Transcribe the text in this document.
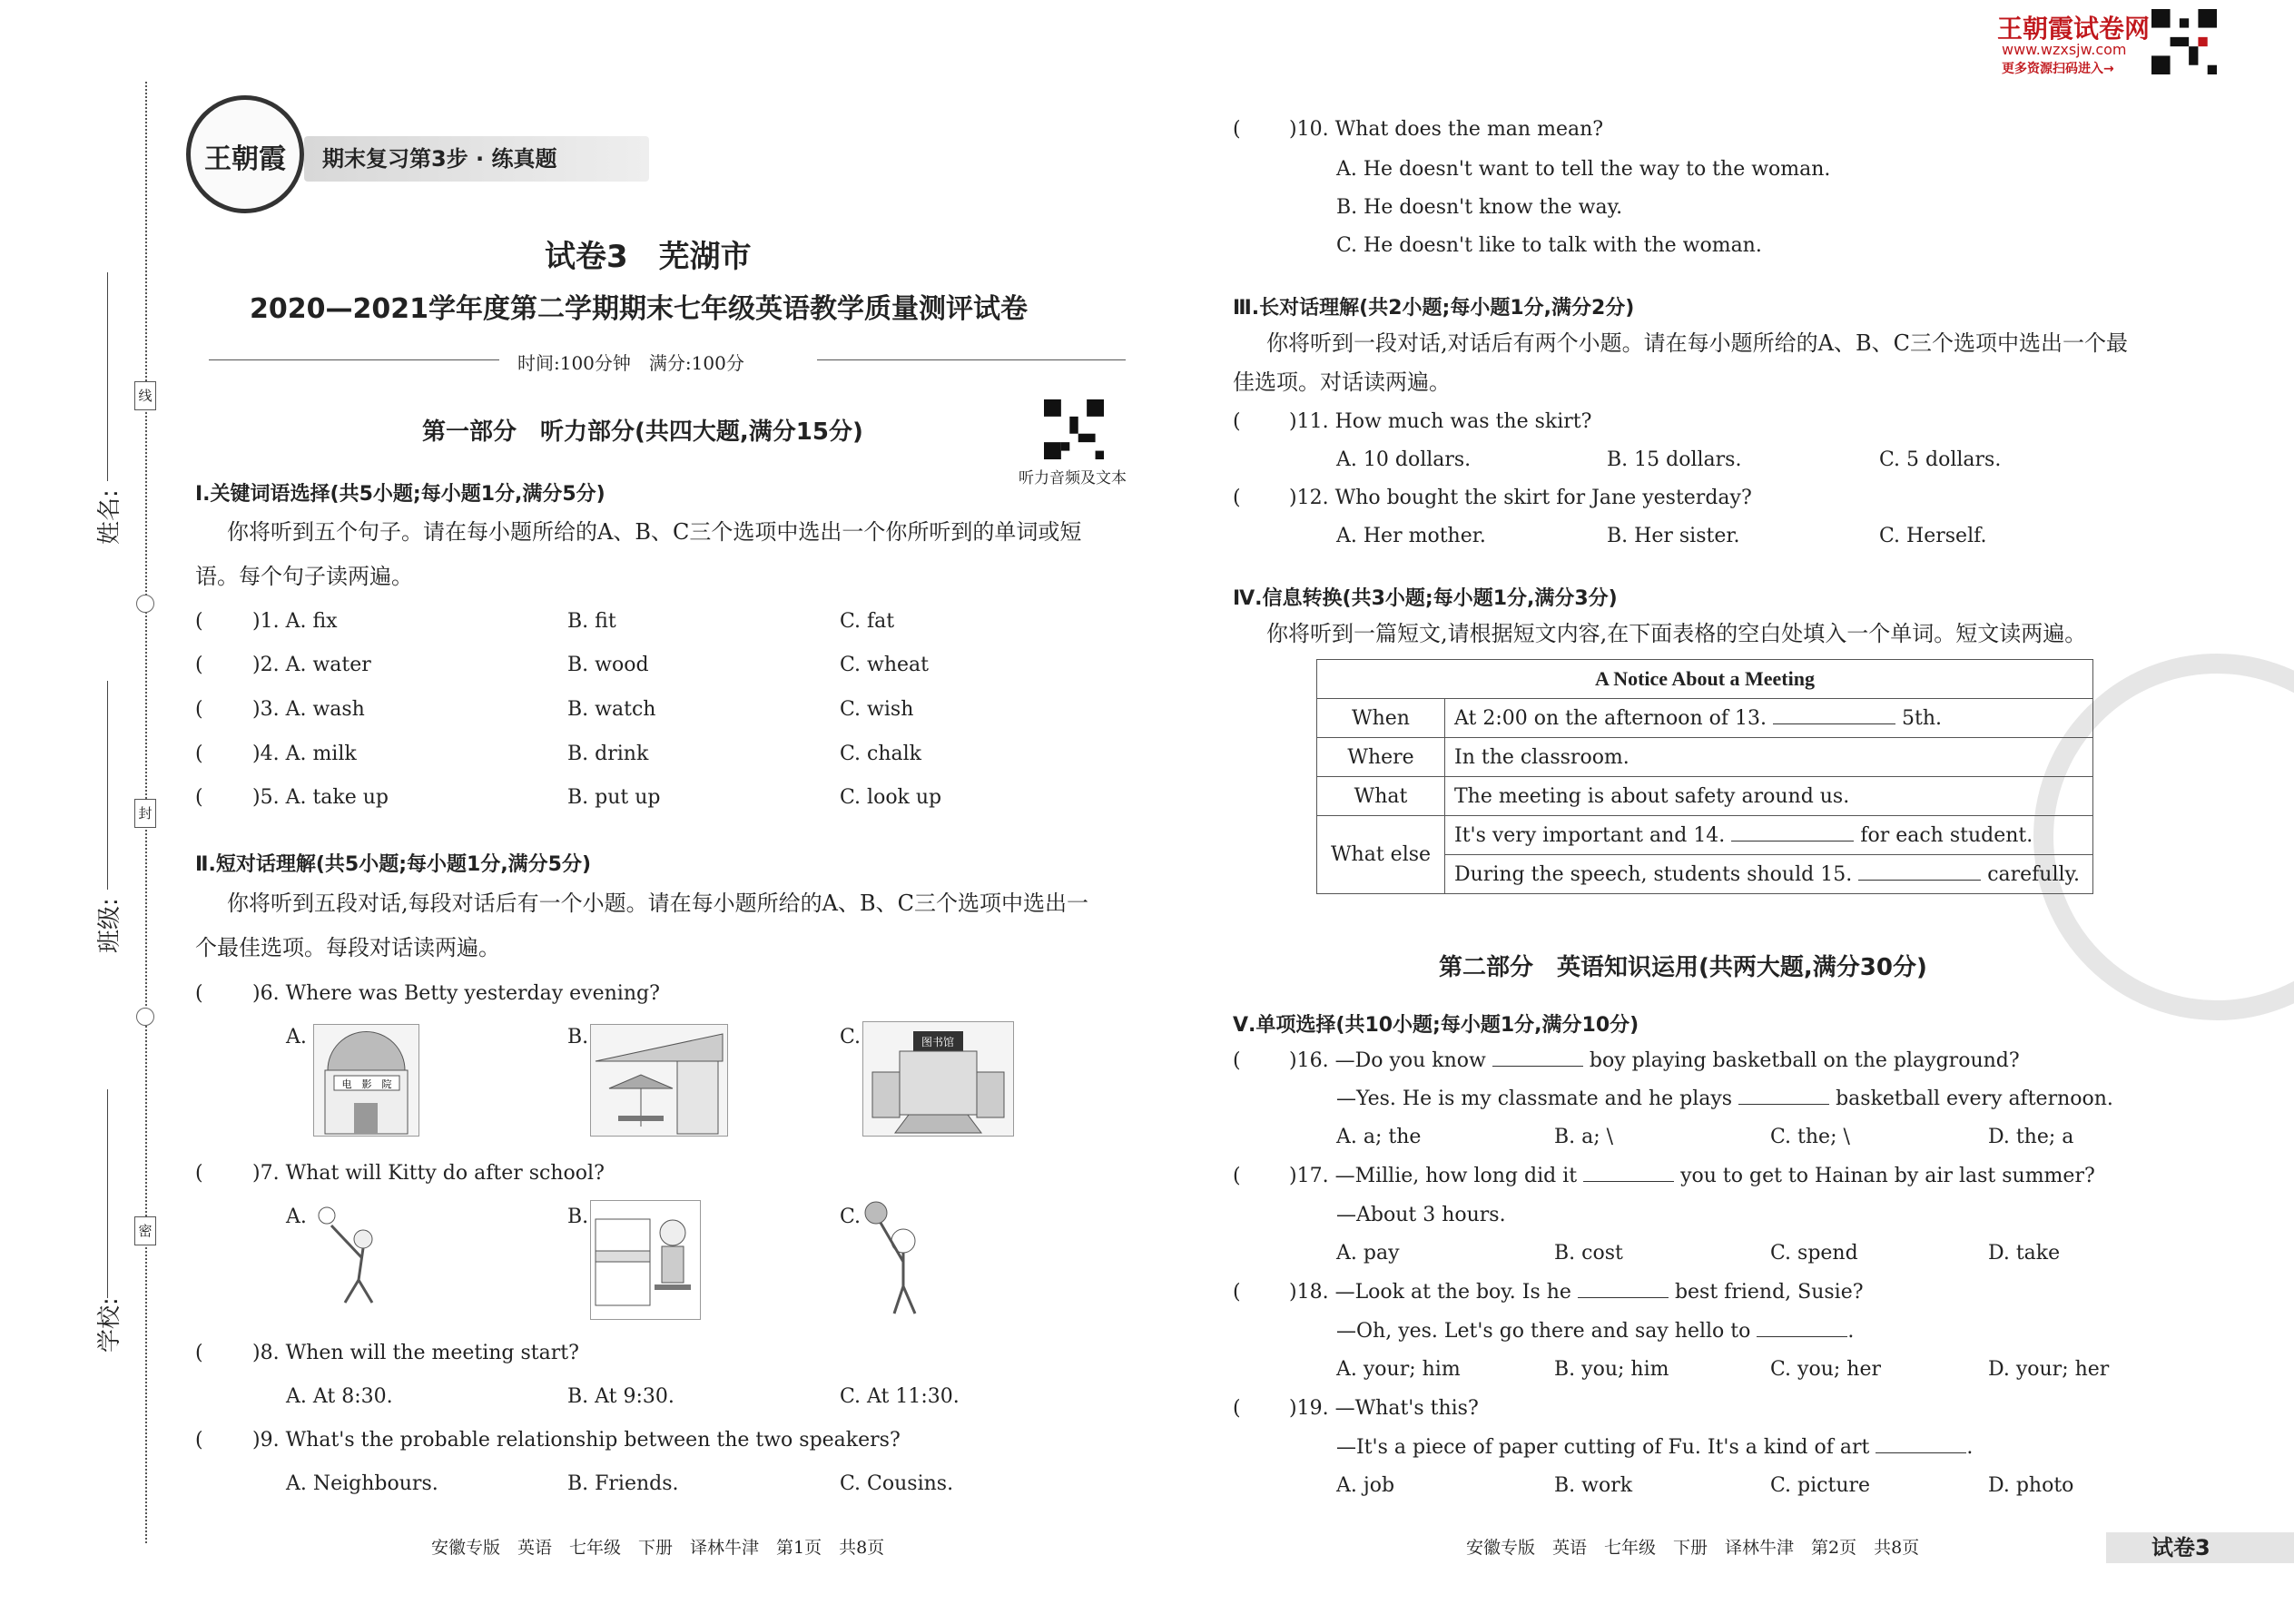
线
封
密
姓名:
班级:
学校:
王朝霞	期末复习第3步 · 练真题
王朝霞试卷网
www.wzxsjw.com
更多资源扫码进入→
试卷3　芜湖市
2020—2021学年度第二学期期末七年级英语教学质量测评试卷
时间:100分钟　满分:100分
听力音频及文本
第一部分　听力部分(共四大题,满分15分)
Ⅰ.关键词语选择(共5小题;每小题1分,满分5分)
你将听到五个句子。请在每小题所给的A、B、C三个选项中选出一个你所听到的单词或短
语。每个句子读两遍。
( )1. A. fix	B. fit	C. fat
( )2. A. water	B. wood	C. wheat
( )3. A. wash	B. watch	C. wish
( )4. A. milk	B. drink	C. chalk
( )5. A. take up	B. put up	C. look up
Ⅱ.短对话理解(共5小题;每小题1分,满分5分)
你将听到五段对话,每段对话后有一个小题。请在每小题所给的A、B、C三个选项中选出一
个最佳选项。每段对话读两遍。
( )6. Where was Betty yesterday evening?
A.
电　影　院
B.	C.	图书馆
( )7. What will Kitty do after school?
A.	B.	C.
( )8. When will the meeting start?
A. At 8:30.	B. At 9:30.	C. At 11:30.
( )9. What's the probable relationship between the two speakers?
A. Neighbours.	B. Friends.	C. Cousins.
安徽专版　英语　七年级　下册　译林牛津　第1页　共8页
( )10. What does the man mean?
A. He doesn't want to tell the way to the woman.
B. He doesn't know the way.
C. He doesn't like to talk with the woman.
Ⅲ.长对话理解(共2小题;每小题1分,满分2分)
你将听到一段对话,对话后有两个小题。请在每小题所给的A、B、C三个选项中选出一个最
佳选项。对话读两遍。
( )11. How much was the skirt?
A. 10 dollars.	B. 15 dollars.	C. 5 dollars.
( )12. Who bought the skirt for Jane yesterday?
A. Her mother.	B. Her sister.	C. Herself.
Ⅳ.信息转换(共3小题;每小题1分,满分3分)
你将听到一篇短文,请根据短文内容,在下面表格的空白处填入一个单词。短文读两遍。
A Notice About a Meeting	
When	At 2:00 on the afternoon of 13. 5th.
Where	In the classroom.
What	The meeting is about safety around us.
What else	It's very important and 14. for each student.
	During the speech, students should 15. carefully.
第二部分　英语知识运用(共两大题,满分30分)
Ⅴ.单项选择(共10小题;每小题1分,满分10分)
( )16. —Do you know	boy playing basketball on the playground?
—Yes. He is my classmate and he plays	basketball every afternoon.
A. a; the	B. a; \	C. the; \	D. the; a
( )17. —Millie, how long did it	you to get to Hainan by air last summer?
—About 3 hours.
A. pay	B. cost	C. spend	D. take
( )18. —Look at the boy. Is he	best friend, Susie?
—Oh, yes. Let's go there and say hello to	.
A. your; him	B. you; him	C. you; her	D. your; her
( )19. —What's this?
—It's a piece of paper cutting of Fu. It's a kind of art	.
A. job	B. work	C. picture	D. photo
安徽专版　英语　七年级　下册　译林牛津　第2页　共8页	试卷3
